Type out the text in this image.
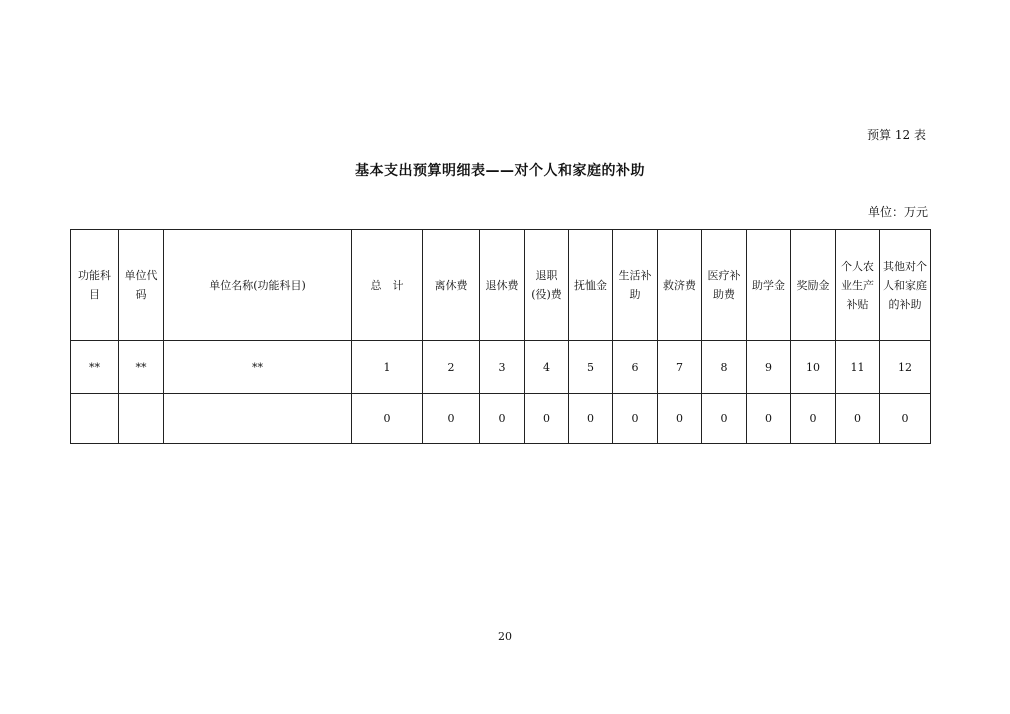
预算 12 表
基本支出预算明细表——对个人和家庭的补助
单位：万元
功能科目	单位代码	单位名称(功能科目)	总　计	离休费	退休费	退职(役)费	抚恤金	生活补助	救济费	医疗补助费	助学金	奖励金	个人农业生产补贴	其他对个人和家庭的补助
**	**	**	1	2	3	4	5	6	7	8	9	10	11	12
			0	0	0	0	0	0	0	0	0	0	0	0
20
